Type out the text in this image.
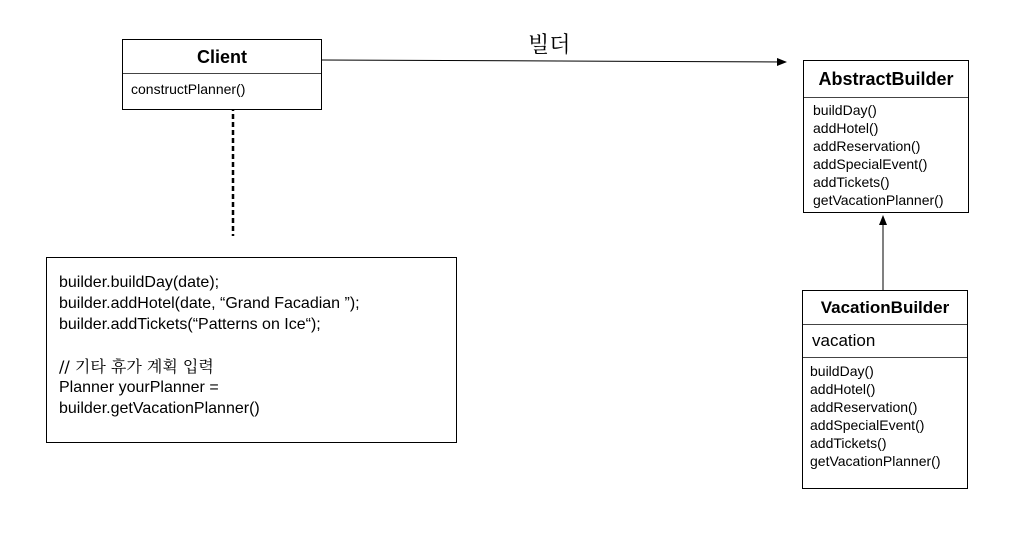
빌더
Client
constructPlanner()	AbstractBuilder
buildDay()
addHotel()
addReservation()
addSpecialEvent()
addTickets()
getVacationPlanner()
VacationBuilder
vacation
buildDay()
addHotel()
addReservation()
addSpecialEvent()
addTickets()
getVacationPlanner()
builder.buildDay(date);
builder.addHotel(date, “Grand Facadian ”);
builder.addTickets(“Patterns on Ice“);
// 기타 휴가 계획 입력
Planner yourPlanner =
builder.getVacationPlanner()
